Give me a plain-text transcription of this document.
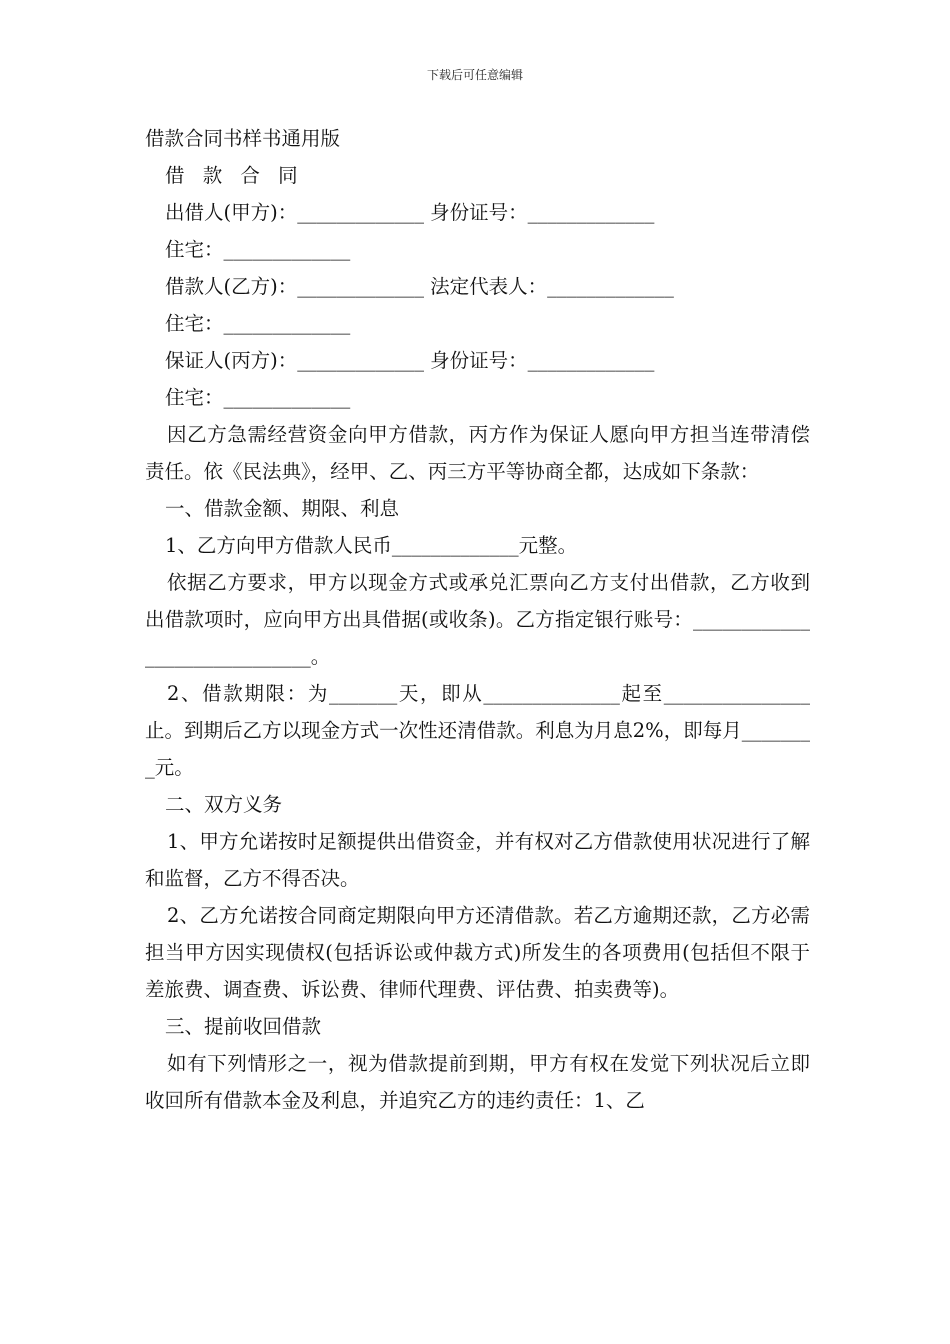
下载后可任意编辑
借款合同书样书通用版
借 款 合 同
出借人(甲方)：_____________ 身份证号：_____________
住宅：_____________
借款人(乙方)：_____________ 法定代表人：_____________
住宅：_____________
保证人(丙方)：_____________ 身份证号：_____________
住宅：_____________
因乙方急需经营资金向甲方借款，丙方作为保证人愿向甲方担当连带清偿责任。依《民法典》，经甲、乙、丙三方平等协商全都，达成如下条款：
一、借款金额、期限、利息
1、乙方向甲方借款人民币_____________元整。
依据乙方要求，甲方以现金方式或承兑汇票向乙方支付出借款，乙方收到出借款项时，应向甲方出具借据(或收条)。乙方指定银行账号：_____________________________。
2、借款期限：为_______天，即从______________起至_______________止。到期后乙方以现金方式一次性还清借款。利息为月息2%，即每月________元。
二、双方义务
1、甲方允诺按时足额提供出借资金，并有权对乙方借款使用状况进行了解和监督，乙方不得否决。
2、乙方允诺按合同商定期限向甲方还清借款。若乙方逾期还款，乙方必需担当甲方因实现债权(包括诉讼或仲裁方式)所发生的各项费用(包括但不限于差旅费、调查费、诉讼费、律师代理费、评估费、拍卖费等)。
三、提前收回借款
如有下列情形之一，视为借款提前到期，甲方有权在发觉下列状况后立即收回所有借款本金及利息，并追究乙方的违约责任：1、乙
